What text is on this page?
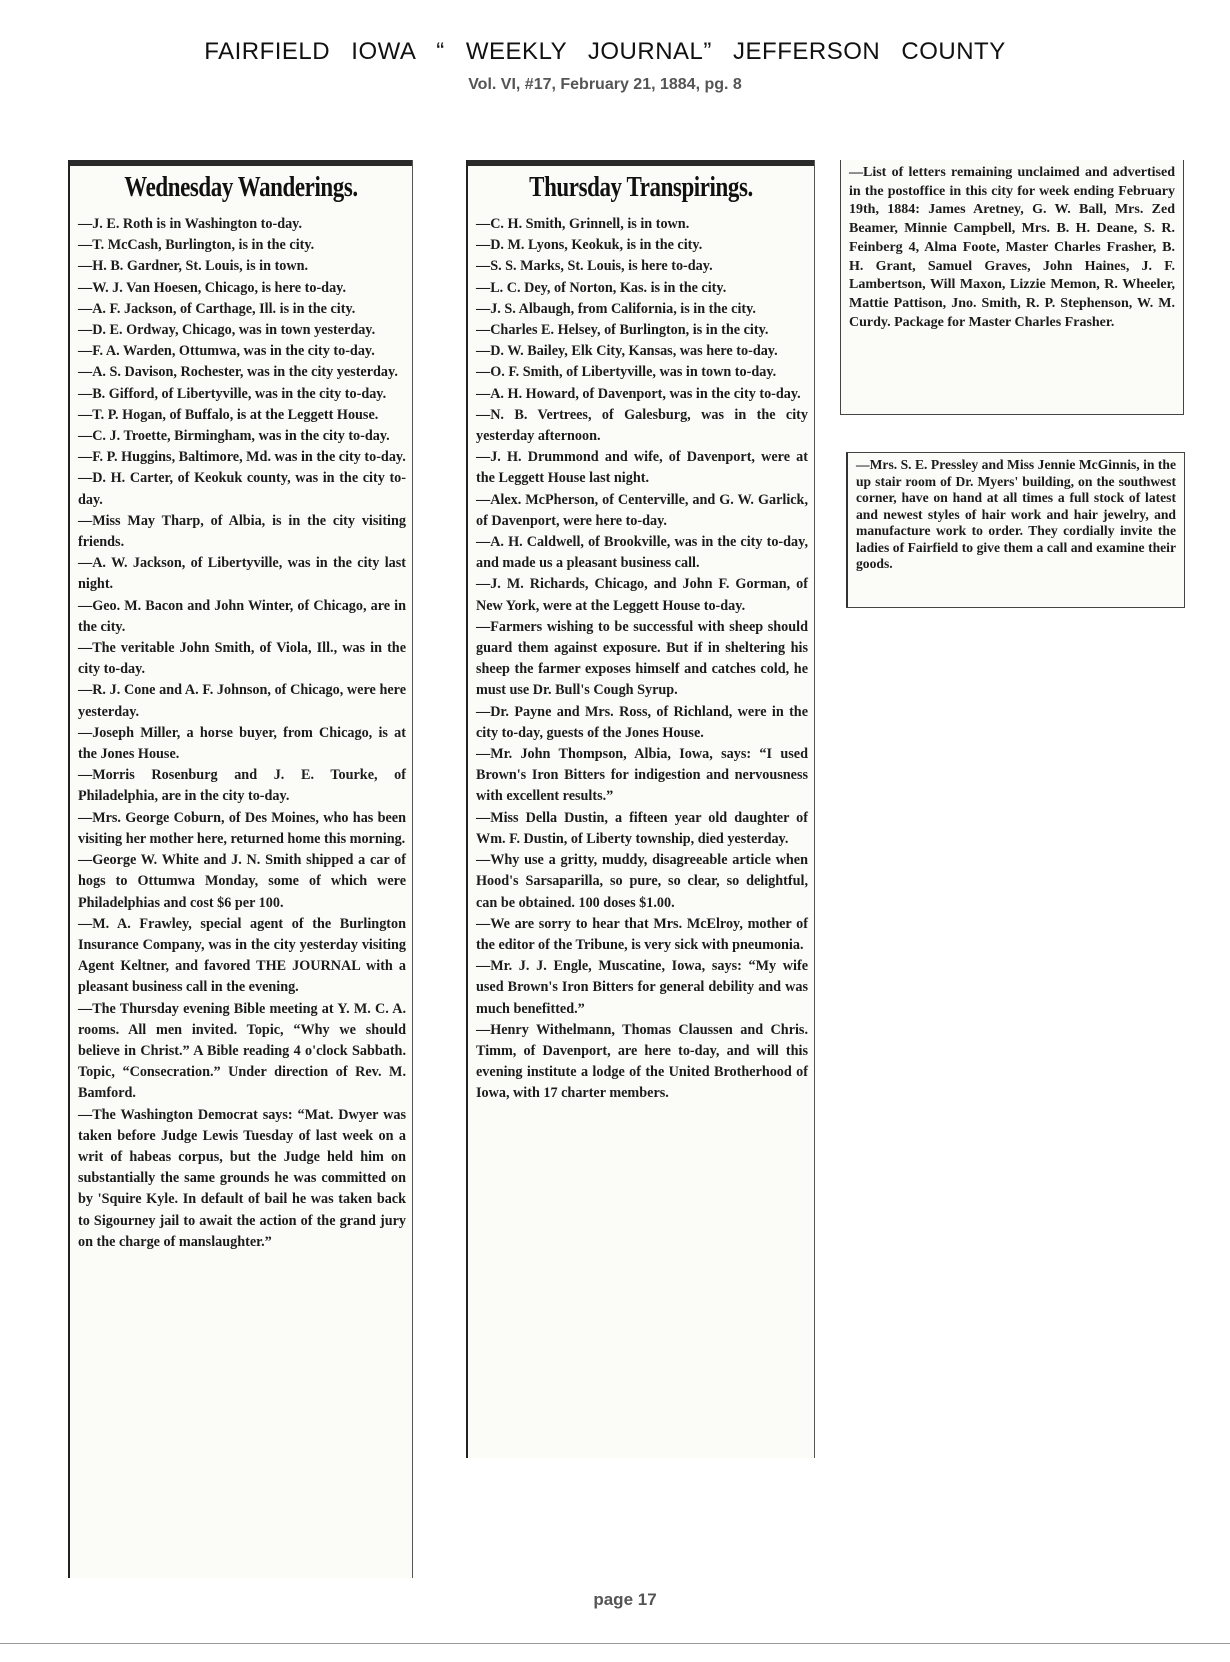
FAIRFIELD IOWA “ WEEKLY JOURNAL” JEFFERSON COUNTY
Vol. VI, #17, February 21, 1884, pg. 8
Wednesday Wanderings.

—J. E. Roth is in Washington to-day.

—T. McCash, Burlington, is in the city.

—H. B. Gardner, St. Louis, is in town.

—W. J. Van Hoesen, Chicago, is here to-day.

—A. F. Jackson, of Carthage, Ill. is in the city.

—D. E. Ordway, Chicago, was in town yesterday.

—F. A. Warden, Ottumwa, was in the city to-day.

—A. S. Davison, Rochester, was in the city yesterday.

—B. Gifford, of Libertyville, was in the city to-day.

—T. P. Hogan, of Buffalo, is at the Leggett House.

—C. J. Troette, Birmingham, was in the city to-day.

—F. P. Huggins, Baltimore, Md. was in the city to-day.

—D. H. Carter, of Keokuk county, was in the city to-day.

—Miss May Tharp, of Albia, is in the city visiting friends.

—A. W. Jackson, of Libertyville, was in the city last night.

—Geo. M. Bacon and John Winter, of Chicago, are in the city.

—The veritable John Smith, of Viola, Ill., was in the city to-day.

—R. J. Cone and A. F. Johnson, of Chicago, were here yesterday.

—Joseph Miller, a horse buyer, from Chicago, is at the Jones House.

—Morris Rosenburg and J. E. Tourke, of Philadelphia, are in the city to-day.

—Mrs. George Coburn, of Des Moines, who has been visiting her mother here, returned home this morning.

—George W. White and J. N. Smith shipped a car of hogs to Ottumwa Monday, some of which were Philadelphias and cost $6 per 100.

—M. A. Frawley, special agent of the Burlington Insurance Company, was in the city yesterday visiting Agent Keltner, and favored THE JOURNAL with a pleasant business call in the evening.

—The Thursday evening Bible meeting at Y. M. C. A. rooms. All men invited. Topic, “Why we should believe in Christ.” A Bible reading 4 o'clock Sabbath. Topic, “Consecration.” Under direction of Rev. M. Bamford.

—The Washington Democrat says: “Mat. Dwyer was taken before Judge Lewis Tuesday of last week on a writ of habeas corpus, but the Judge held him on substantially the same grounds he was committed on by 'Squire Kyle. In default of bail he was taken back to Sigourney jail to await the action of the grand jury on the charge of manslaughter.”

Thursday Transpirings.

—C. H. Smith, Grinnell, is in town.

—D. M. Lyons, Keokuk, is in the city.

—S. S. Marks, St. Louis, is here to-day.

—L. C. Dey, of Norton, Kas. is in the city.

—J. S. Albaugh, from California, is in the city.

—Charles E. Helsey, of Burlington, is in the city.

—D. W. Bailey, Elk City, Kansas, was here to-day.

—O. F. Smith, of Libertyville, was in town to-day.

—A. H. Howard, of Davenport, was in the city to-day.

—N. B. Vertrees, of Galesburg, was in the city yesterday afternoon.

—J. H. Drummond and wife, of Davenport, were at the Leggett House last night.

—Alex. McPherson, of Centerville, and G. W. Garlick, of Davenport, were here to-day.

—A. H. Caldwell, of Brookville, was in the city to-day, and made us a pleasant business call.

—J. M. Richards, Chicago, and John F. Gorman, of New York, were at the Leggett House to-day.

—Farmers wishing to be successful with sheep should guard them against exposure. But if in sheltering his sheep the farmer exposes himself and catches cold, he must use Dr. Bull's Cough Syrup.

—Dr. Payne and Mrs. Ross, of Richland, were in the city to-day, guests of the Jones House.

—Mr. John Thompson, Albia, Iowa, says: “I used Brown's Iron Bitters for indigestion and nervousness with excellent results.”

—Miss Della Dustin, a fifteen year old daughter of Wm. F. Dustin, of Liberty township, died yesterday.

—Why use a gritty, muddy, disagreeable article when Hood's Sarsaparilla, so pure, so clear, so delightful, can be obtained. 100 doses $1.00.

—We are sorry to hear that Mrs. McElroy, mother of the editor of the Tribune, is very sick with pneumonia.

—Mr. J. J. Engle, Muscatine, Iowa, says: “My wife used Brown's Iron Bitters for general debility and was much benefitted.”

—Henry Withelmann, Thomas Claussen and Chris. Timm, of Davenport, are here to-day, and will this evening institute a lodge of the United Brotherhood of Iowa, with 17 charter members.

—List of letters remaining unclaimed and advertised in the postoffice in this city for week ending February 19th, 1884: James Aretney, G. W. Ball, Mrs. Zed Beamer, Minnie Campbell, Mrs. B. H. Deane, S. R. Feinberg 4, Alma Foote, Master Charles Frasher, B. H. Grant, Samuel Graves, John Haines, J. F. Lambertson, Will Maxon, Lizzie Memon, R. Wheeler, Mattie Pattison, Jno. Smith, R. P. Stephenson, W. M. Curdy. Package for Master Charles Frasher.

—Mrs. S. E. Pressley and Miss Jennie McGinnis, in the up stair room of Dr. Myers' building, on the southwest corner, have on hand at all times a full stock of latest and newest styles of hair work and hair jewelry, and manufacture work to order. They cordially invite the ladies of Fairfield to give them a call and examine their goods.

page 17
